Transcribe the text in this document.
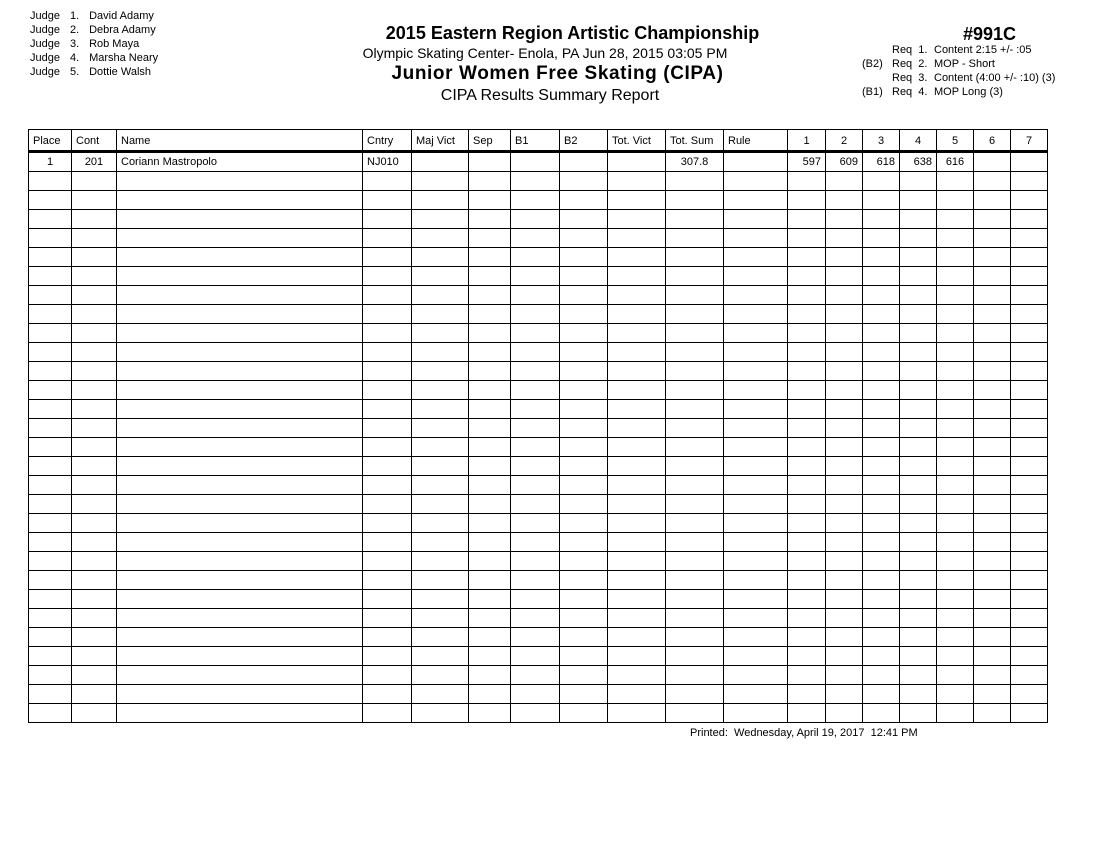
Judge 1. David Adamy
Judge 2. Debra Adamy
Judge 3. Rob Maya
Judge 4. Marsha Neary
Judge 5. Dottie Walsh
2015 Eastern Region Artistic Championship
Olympic Skating Center- Enola, PA Jun 28, 2015 03:05 PM
Junior Women Free Skating (CIPA)
CIPA Results Summary Report
#991C
Req  1. Content 2:15 +/- :05
(B2) Req  2. MOP - Short
Req  3. Content (4:00 +/- :10) (3)
(B1) Req  4. MOP Long (3)
Place	Cont	Name	Cntry	Maj Vict	Sep	B1	B2	Tot. Vict	Tot. Sum	Rule	1	2	3	4	5	6	7
1	201	Coriann Mastropolo	NJ010						307.8		597	609	618	638	616		

Printed:  Wednesday, April 19, 2017  12:41 PM
